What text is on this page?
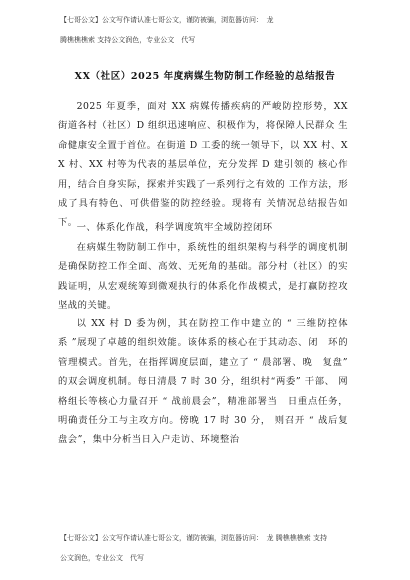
【七哥公文】公文写作请认准七哥公文，谨防被骗，浏览器访问：　龙
腾樵樵樵索 支持公文润色，专业公文　代写
XX（社区）2025 年度病媒生物防制工作经验的总结报告
2025 年夏季，面对 XX 病媒传播疾病的严峻防控形势，XX 街道各村（社区）D 组织迅速响应、积极作为，将保障人民群众 生命健康安全置于首位。在街道 D 工委的统一领导下，以 XX 村、XX 村、XX 村等为代表的基层单位，充分发挥 D 建引领的 核心作用，结合自身实际，探索并实践了一系列行之有效的 工作方法，形成了具有特色、可供借鉴的防控经验。现将有 关情况总结报告如下。
一、体系化作战，科学调度筑牢全域防控闭环
在病媒生物防制工作中，系统性的组织架构与科学的调度机制是确保防控工作全面、高效、无死角的基础。部分村（社区）的实践证明，从宏观统筹到微观执行的体系化作战模式，是打赢防控攻坚战的关键。
以 XX 村 D 委为例，其在防控工作中建立的 “ 三维防控体　系 ”展现了卓越的组织效能。该体系的核心在于其动态、闭　环的管理模式。首先，在指挥调度层面，建立了 “ 晨部署、晚　复盘” 的双会调度机制。每日清晨 7 时 30 分，组织村“两委” 干部、 网格组长等核心力量召开 “ 战前晨会”，精准部署当　日重点任务， 明确责任分工与主攻方向。傍晚 17 时 30 分， 则召开 “ 战后复盘会”，集中分析当日入户走访、环境整治
【七哥公文】公文写作请认准七哥公文，谨防被骗，浏览器访问：　龙 腾樵樵樵索 支持
公文润色，专业公文　代写
